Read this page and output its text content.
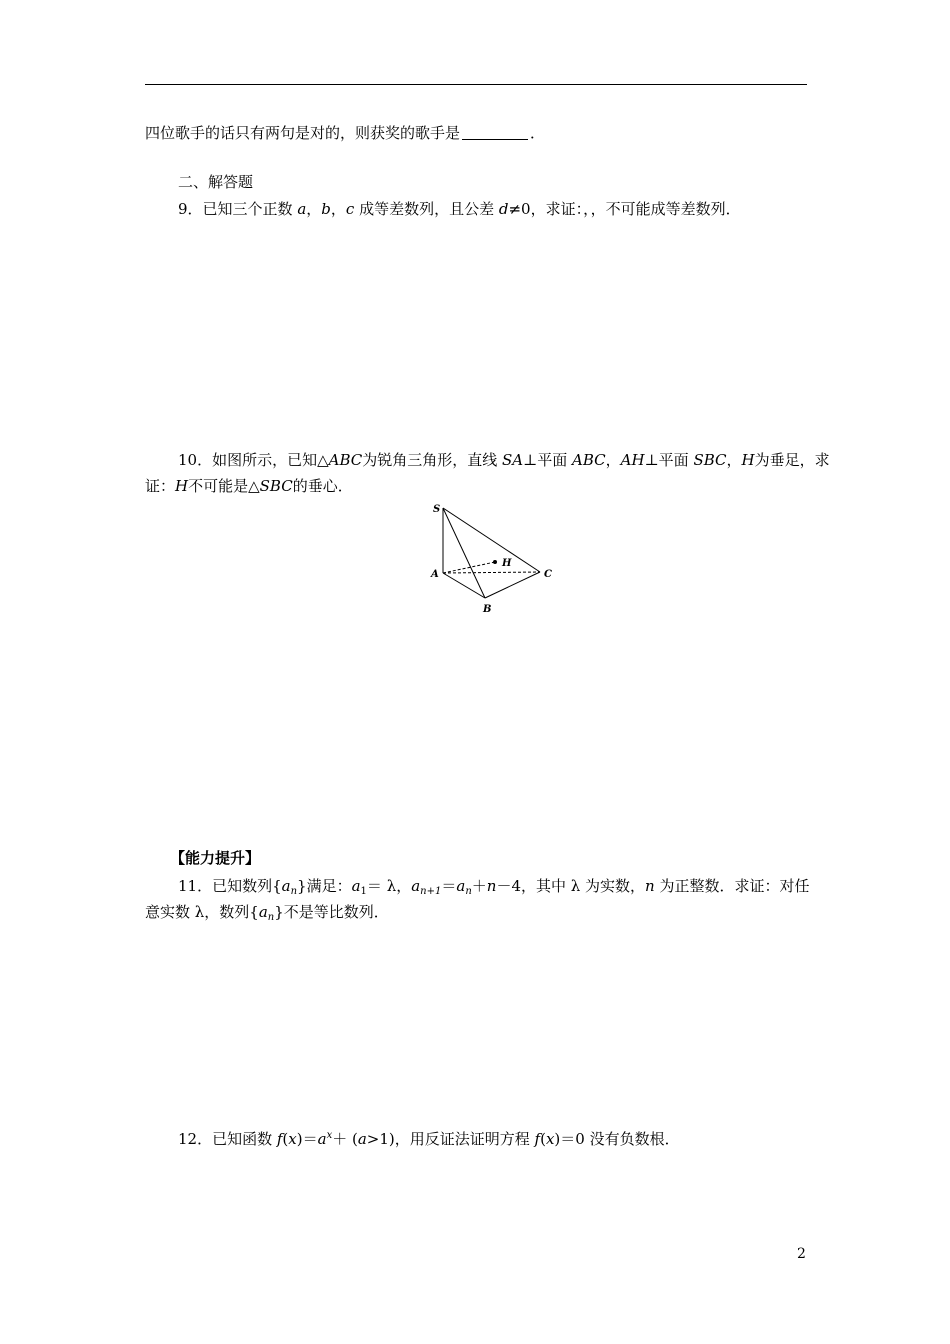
四位歌手的话只有两句是对的，则获奖的歌手是	．
二、解答题
9．已知三个正数 a，b，c 成等差数列，且公差 d≠0，求证：，，不可能成等差数列．
10．如图所示，已知△ABC为锐角三角形，直线 SA⊥平面 ABC，AH⊥平面 SBC，H为垂足，求
证：H不可能是△SBC的垂心．
S
H
A	C
B
【能力提升】
11．已知数列$\{a_n\}$满足：$a_1= \lambda$，$a_{n+1}=a_n+n-4$，其中 λ 为实数，n 为正整数．求证：对任
意实数 λ，数列$\{a_n\}$不是等比数列．
12．已知函数 $f(x)=a^x+ (a>1)$，用反证法证明方程 f(x)＝0 没有负数根．
2
